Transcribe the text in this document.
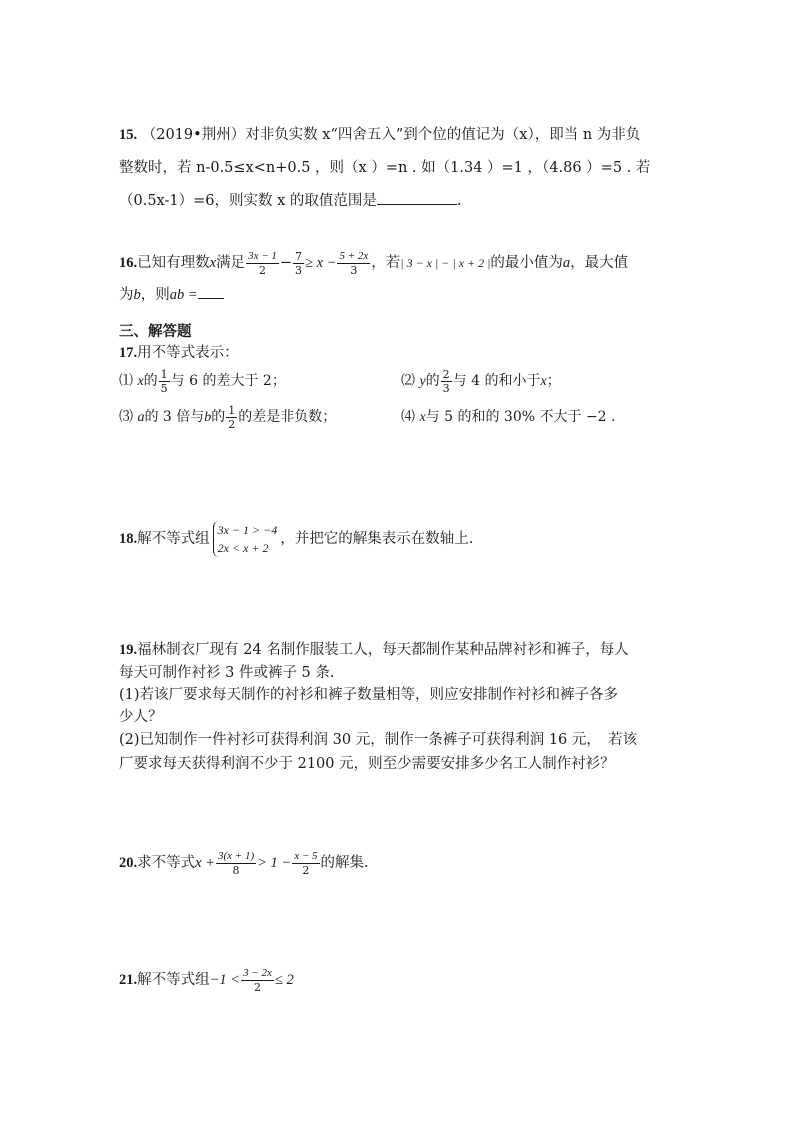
15. （2019•荆州）对非负实数 x“四舍五入”到个位的值记为（x），即当 n 为非负
整数时，若 n-0.5≤x<n+0.5 ，则（x ）=n . 如（1.34 ）=1 ，（4.86 ）=5 . 若
（0.5x-1）=6，则实数 x 的取值范围是	.
16.已知有理数x满足 $\frac{3x - 1}{2} - \frac{7}{3} \ge x - \frac{5 + 2x}{3}$ ，若| 3 − x | − | x + 2 |的最小值为a，最大值
为b，则ab =
三、解答题
17.用不等式表示：
⑴ x的 $\frac{1}{5}$ 与 6 的差大于 2；	⑵ y的 $\frac{2}{3}$ 与 4 的和小于x；
⑶ a的 3 倍与b的 $\frac{1}{2}$ 的差是非负数；	⑷ x与 5 的和的 30% 不大于 −2 .
18.解不等式组
3x − 1 > −4
2x < x + 2
，并把它的解集表示在数轴上.
19.福林制衣厂现有 24 名制作服装工人，每天都制作某种品牌衬衫和裤子，每人
每天可制作衬衫 3 件或裤子 5 条.
(1)若该厂要求每天制作的衬衫和裤子数量相等，则应安排制作衬衫和裤子各多
少人？
(2)已知制作一件衬衫可获得利润 30 元，制作一条裤子可获得利润 16 元，　若该
厂要求每天获得利润不少于 2100 元，则至少需要安排多少名工人制作衬衫？
20.求不等式$x + \frac{3(x + 1)}{8} > 1 - \frac{x - 5}{2}$ 的解集.
21.解不等式组$-1 < \frac{3 - 2x}{2} \le 2$
